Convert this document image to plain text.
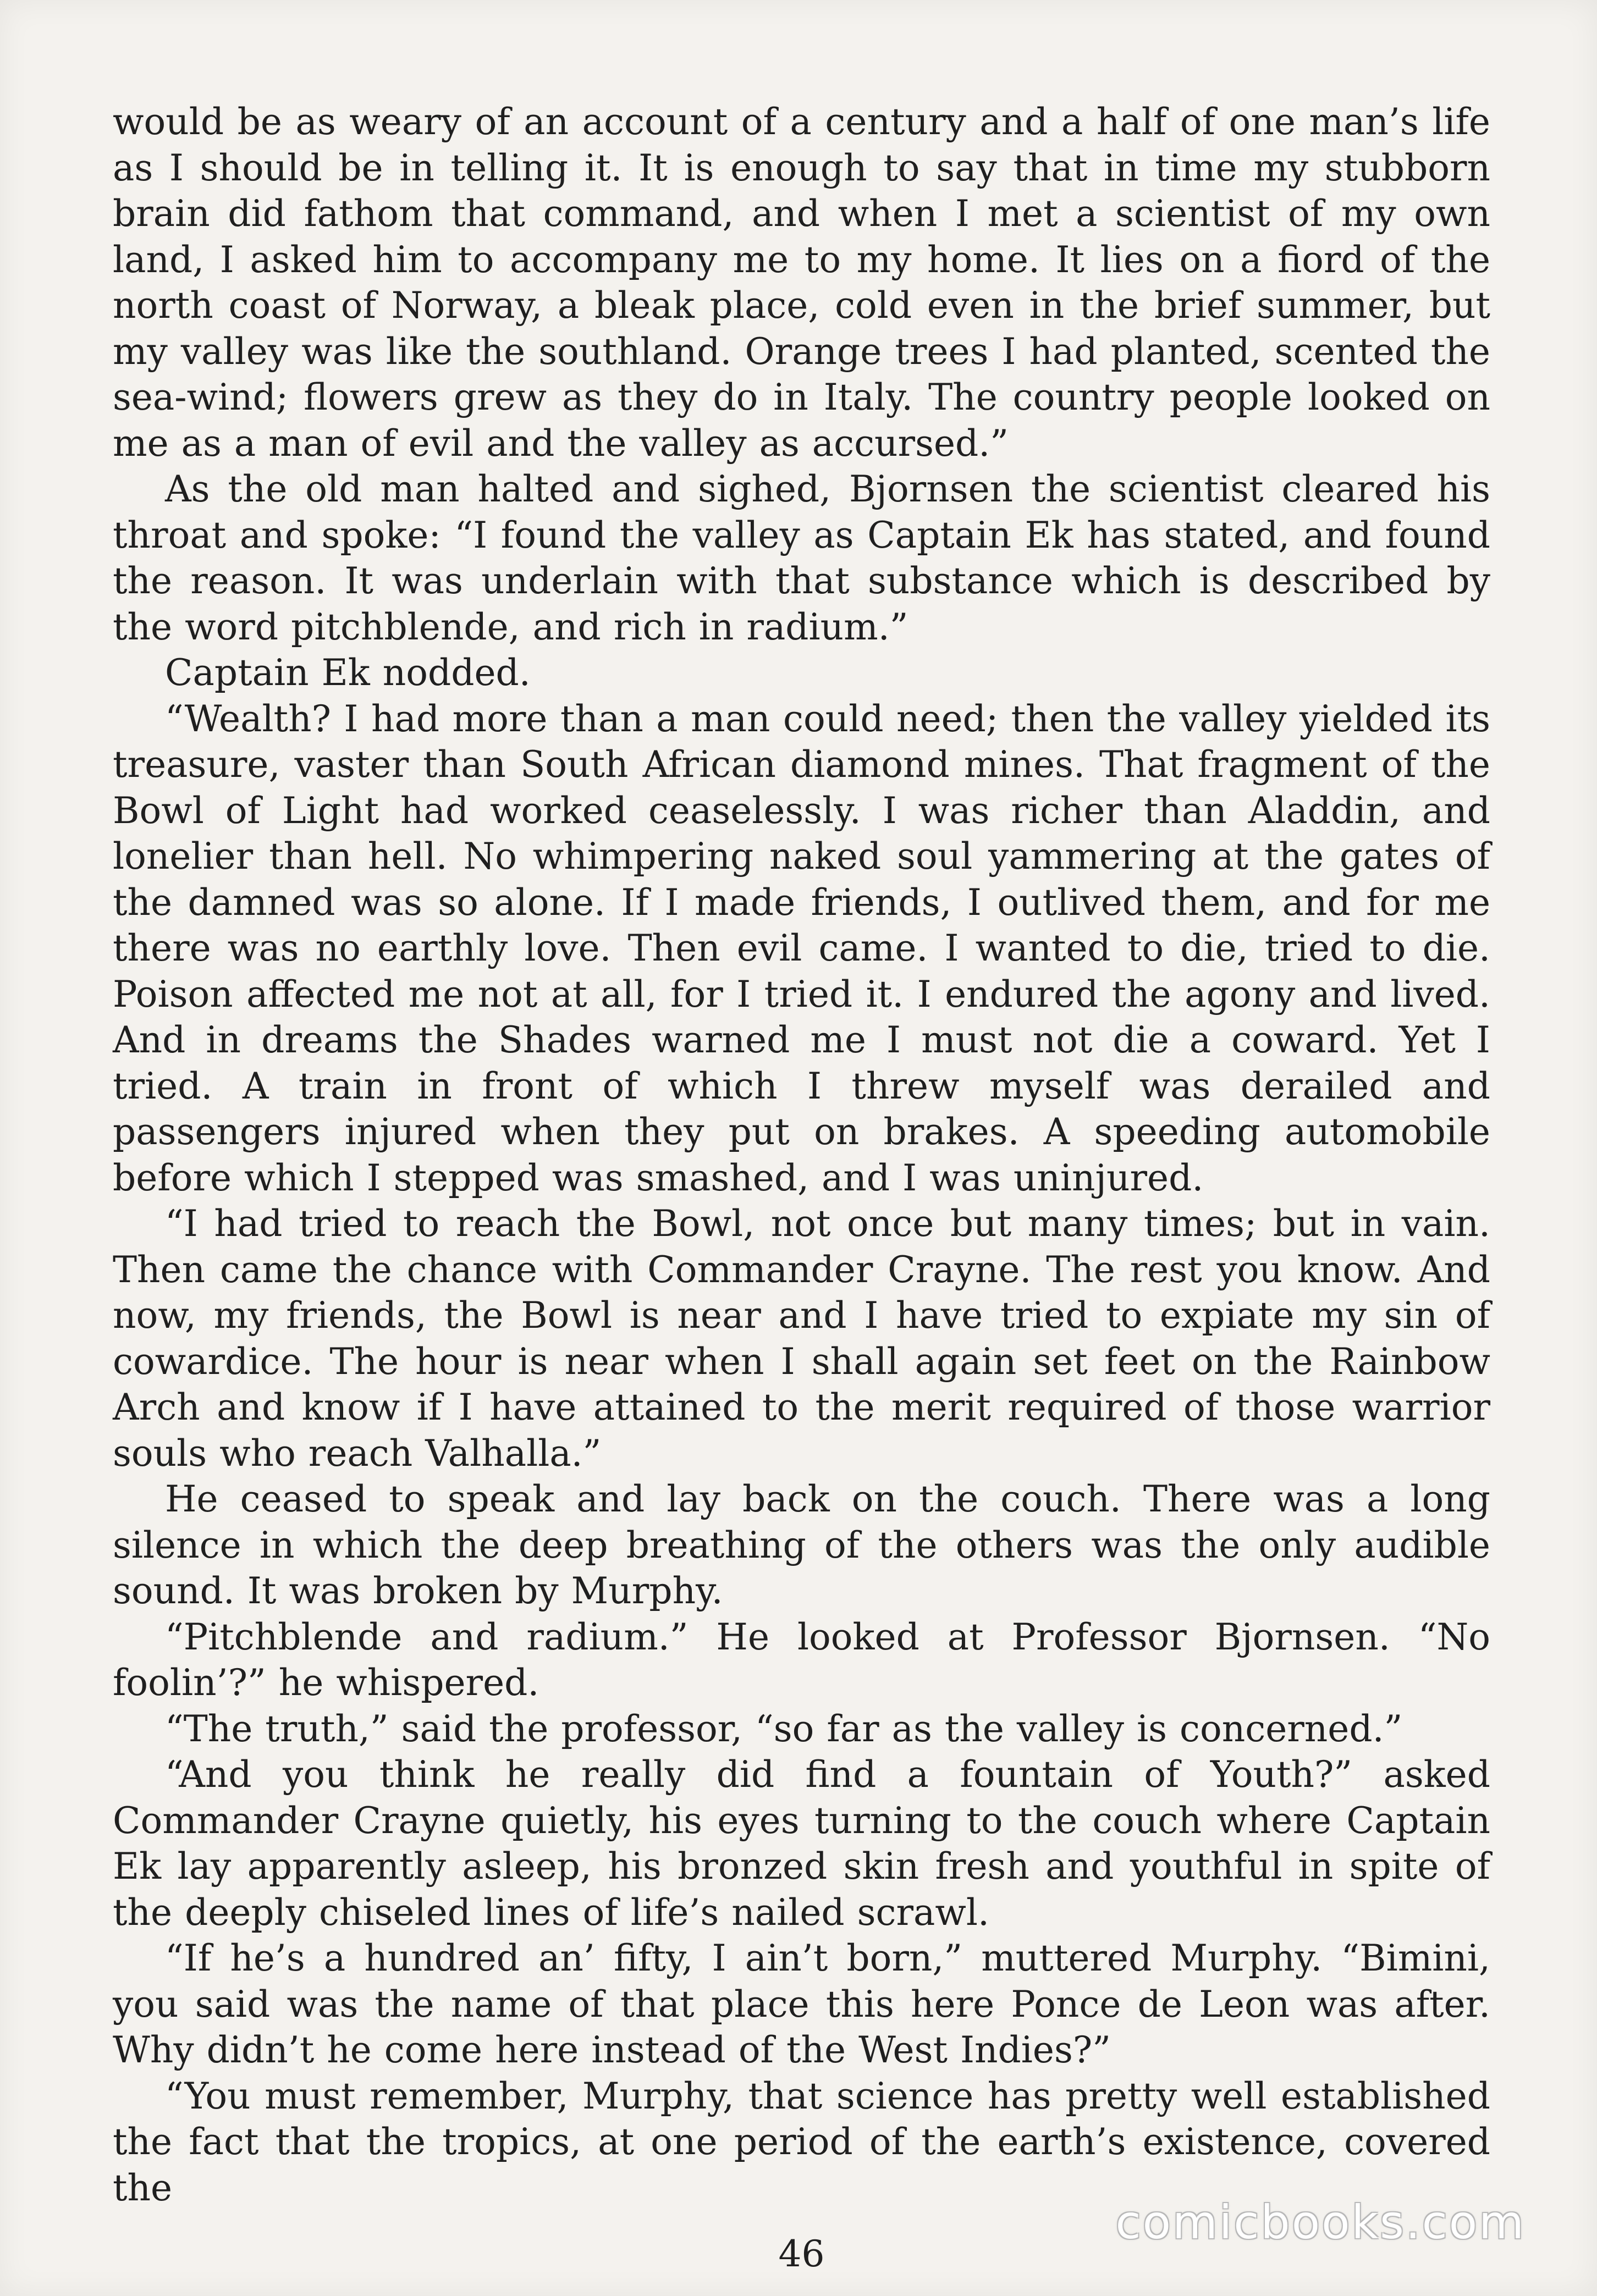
would be as weary of an account of a century and a half of one man’s life as I should be in telling it. It is enough to say that in time my stubborn brain did fathom that command, and when I met a scientist of my own land, I asked him to accompany me to my home. It lies on a fiord of the north coast of Norway, a bleak place, cold even in the brief summer, but my valley was like the southland. Orange trees I had planted, scented the sea-wind; flowers grew as they do in Italy. The country people looked on me as a man of evil and the valley as accursed.”

As the old man halted and sighed, Bjornsen the scientist cleared his throat and spoke: “I found the valley as Captain Ek has stated, and found the reason. It was underlain with that substance which is described by the word pitchblende, and rich in radium.”

Captain Ek nodded.

“Wealth? I had more than a man could need; then the valley yielded its treasure, vaster than South African diamond mines. That fragment of the Bowl of Light had worked ceaselessly. I was richer than Aladdin, and lonelier than hell. No whimpering naked soul yammering at the gates of the damned was so alone. If I made friends, I outlived them, and for me there was no earthly love. Then evil came. I wanted to die, tried to die. Poison affected me not at all, for I tried it. I endured the agony and lived. And in dreams the Shades warned me I must not die a coward. Yet I tried. A train in front of which I threw myself was derailed and passengers injured when they put on brakes. A speeding automobile before which I stepped was smashed, and I was uninjured.

“I had tried to reach the Bowl, not once but many times; but in vain. Then came the chance with Commander Crayne. The rest you know. And now, my friends, the Bowl is near and I have tried to expiate my sin of cowardice. The hour is near when I shall again set feet on the Rainbow Arch and know if I have attained to the merit required of those warrior souls who reach Valhalla.”

He ceased to speak and lay back on the couch. There was a long silence in which the deep breathing of the others was the only audible sound. It was broken by Murphy.

“Pitchblende and radium.” He looked at Professor Bjornsen. “No foolin’?” he whispered.

“The truth,” said the professor, “so far as the valley is concerned.”

“And you think he really did find a fountain of Youth?” asked Commander Crayne quietly, his eyes turning to the couch where Captain Ek lay apparently asleep, his bronzed skin fresh and youthful in spite of the deeply chiseled lines of life’s nailed scrawl.

“If he’s a hundred an’ fifty, I ain’t born,” muttered Murphy. “Bimini, you said was the name of that place this here Ponce de Leon was after. Why didn’t he come here instead of the West Indies?”

“You must remember, Murphy, that science has pretty well established the fact that the tropics, at one period of the earth’s existence, covered the

46
comicbooks.com
